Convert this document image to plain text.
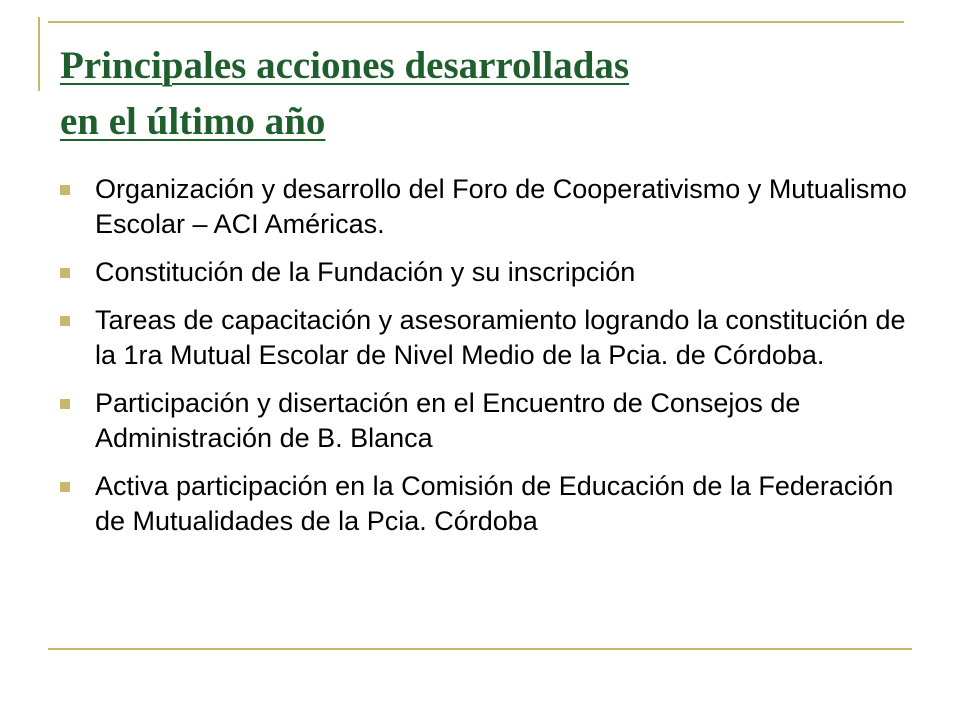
Principales acciones desarrolladas
en el último año
Organización y desarrollo del Foro de Cooperativismo y Mutualismo Escolar – ACI Américas.
Constitución de la Fundación y su inscripción
Tareas de capacitación y asesoramiento logrando la constitución de la 1ra Mutual Escolar de Nivel Medio de la Pcia. de Córdoba.
Participación y disertación en el Encuentro de Consejos de Administración de B. Blanca
Activa participación en la Comisión de Educación de la Federación de Mutualidades de la Pcia. Córdoba
